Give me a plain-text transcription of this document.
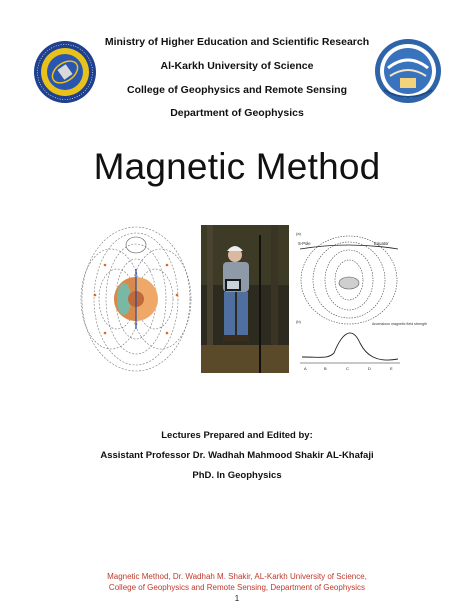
Ministry of Higher Education and Scientific Research
Al-Karkh University of Science
College of Geophysics and Remote Sensing
Department of Geophysics
Magnetic Method
(a)
S-Pole	Equator
(b)	Anomalous magnetic field strength
A	B	C	D	E
Lectures Prepared and Edited by:
Assistant Professor Dr. Wadhah Mahmood Shakir AL-Khafaji
PhD. In Geophysics
Magnetic Method, Dr. Wadhah M. Shakir, AL-Karkh University of Science,
College of Geophysics and Remote Sensing, Department of Geophysics
1
